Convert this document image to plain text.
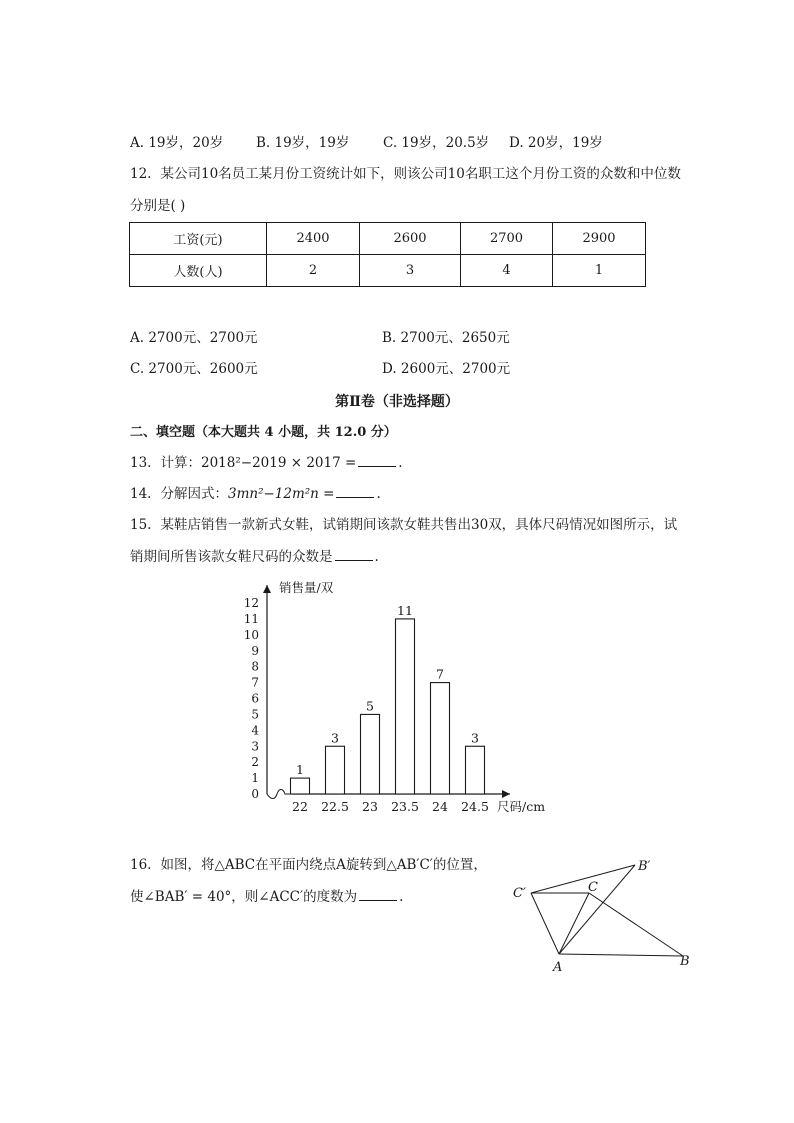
A. 19岁，20岁 B. 19岁，19岁 C. 19岁，20.5岁 D. 20岁，19岁
12. 某公司10名员工某月份工资统计如下，则该公司10名职工这个月份工资的众数和中位数
分别是( )
工资(元)	2400	2600	2700	2900
人数(人)	2	3	4	1
A. 2700元、2700元	B. 2700元、2650元
C. 2700元、2600元	D. 2600元、2700元
第Ⅱ卷（非选择题）
二、填空题（本大题共 4 小题，共 12.0 分）
13. 计算：2018²−2019 × 2017 =	.
14. 分解因式：3mn²−12m²n =	.
15. 某鞋店销售一款新式女鞋，试销期间该款女鞋共售出30双，具体尺码情况如图所示，试
销期间所售该款女鞋尺码的众数是	.
0
1
2
3
4
5
6
7
8
9
10
11
12
销售量/双
尺码/cm
1
22
3
22.5
5
23
11
23.5
7
24
3
24.5
16. 如图，将△ABC在平面内绕点A旋转到△AB′C′的位置，
使∠BAB′ = 40°，则∠ACC′的度数为	.
A	B
C
C′
B′
